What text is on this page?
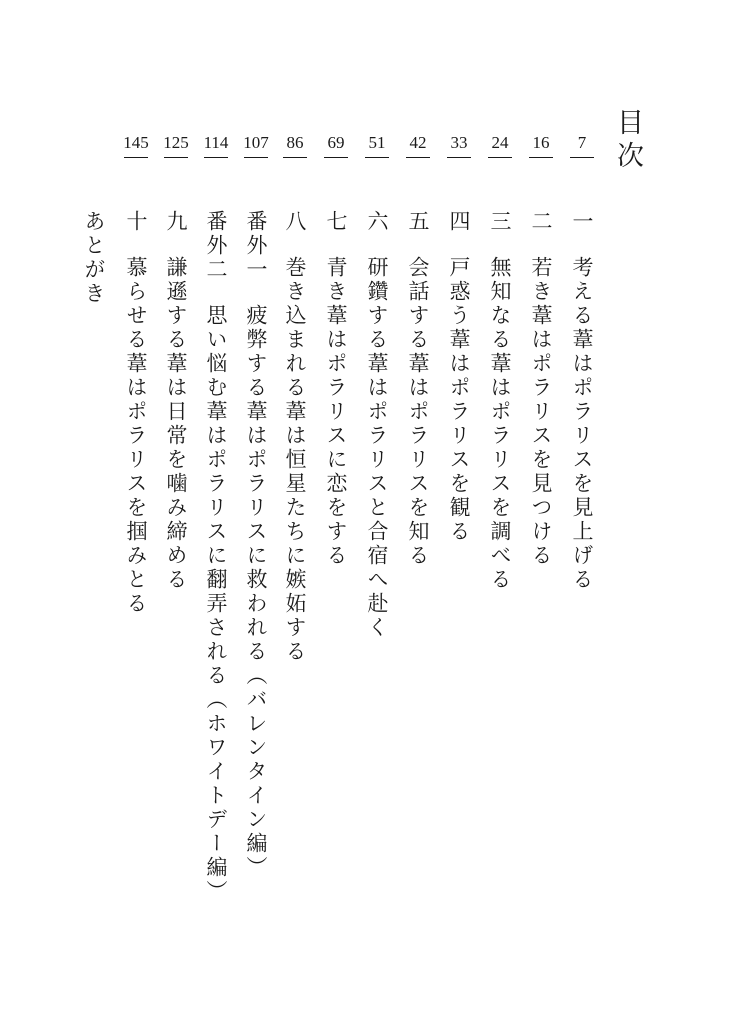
目次
7
一考える葦はポラリスを見上げる
16
二若き葦はポラリスを見つける
24
三無知なる葦はポラリスを調べる
33
四戸惑う葦はポラリスを観る
42
五会話する葦はポラリスを知る
51
六研鑽する葦はポラリスと合宿へ赴く
69
七青き葦はポラリスに恋をする
86
八巻き込まれる葦は恒星たちに嫉妬する
107
番外一疲弊する葦はポラリスに救われる（バレンタイン編）
114
番外二思い悩む葦はポラリスに翻弄される（ホワイトデー編）
125
九謙遜する葦は日常を噛み締める
145
十慕らせる葦はポラリスを掴みとる
あとがき
